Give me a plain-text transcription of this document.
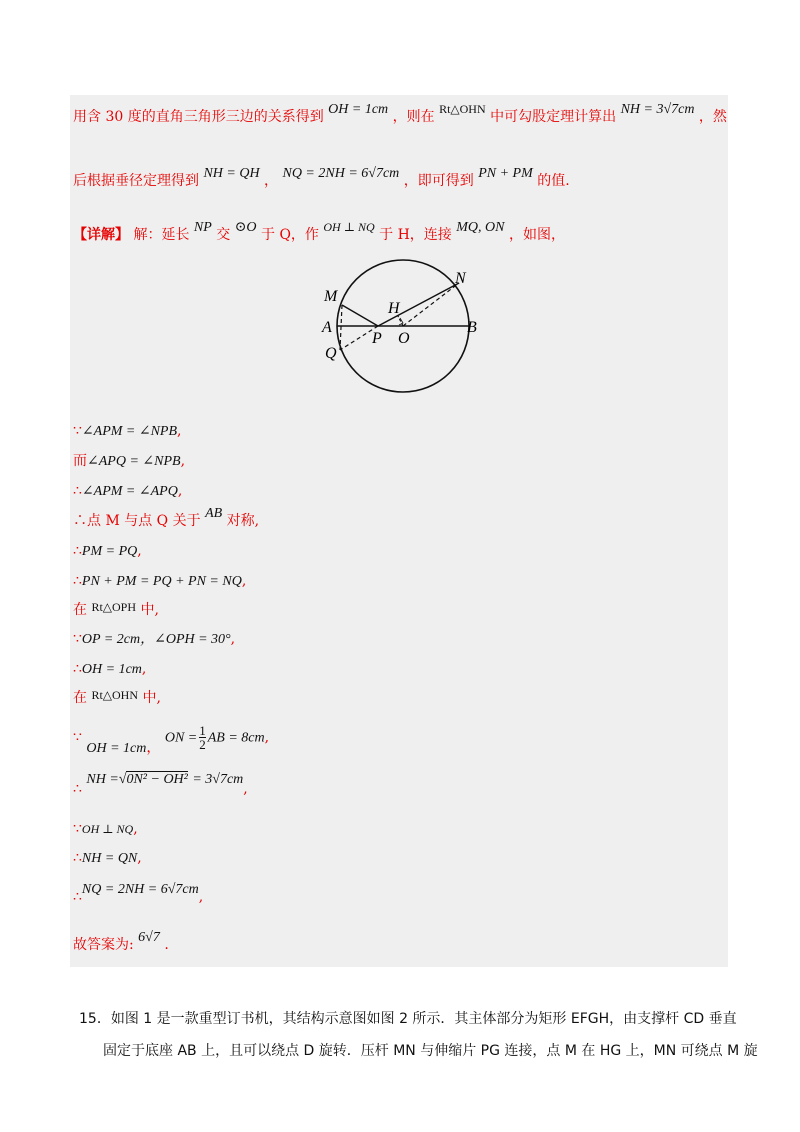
用含 30 度的直角三角形三边的关系得到 OH = 1cm ，则在 Rt△OHN 中可勾股定理计算出 NH = 3√7cm ，然
后根据垂径定理得到 NH = QH ， NQ = 2NH = 6√7cm ，即可得到 PN + PM 的值.
【详解】 解：延长 NP 交 ⊙O 于 Q，作 OH ⊥ NQ 于 H，连接 MQ, ON ，如图，
M
N
H
A	B
P O
Q
∵∠APM = ∠NPB,
而∠APQ = ∠NPB,
∴∠APM = ∠APQ,
∴点 M 与点 Q 关于 AB 对称,
∴PM = PQ,
∴PN + PM = PQ + PN = NQ,
在 Rt△OPH 中,
∵OP = 2cm，∠OPH = 30°,
∴OH = 1cm,
在 Rt△OHN 中,
∵ OH = 1cm， ON = $\frac{1}{2}$ AB = 8cm,
∴ NH =√0N² − OH² = 3√7cm,
∵OH ⊥ NQ,
∴NH = QN,
∴NQ = 2NH = 6√7cm,
故答案为: 6√7 .
15．如图 1 是一款重型订书机，其结构示意图如图 2 所示．其主体部分为矩形 EFGH，由支撑杆 CD 垂直
固定于底座 AB 上，且可以绕点 D 旋转．压杆 MN 与伸缩片 PG 连接，点 M 在 HG 上，MN 可绕点 M 旋
